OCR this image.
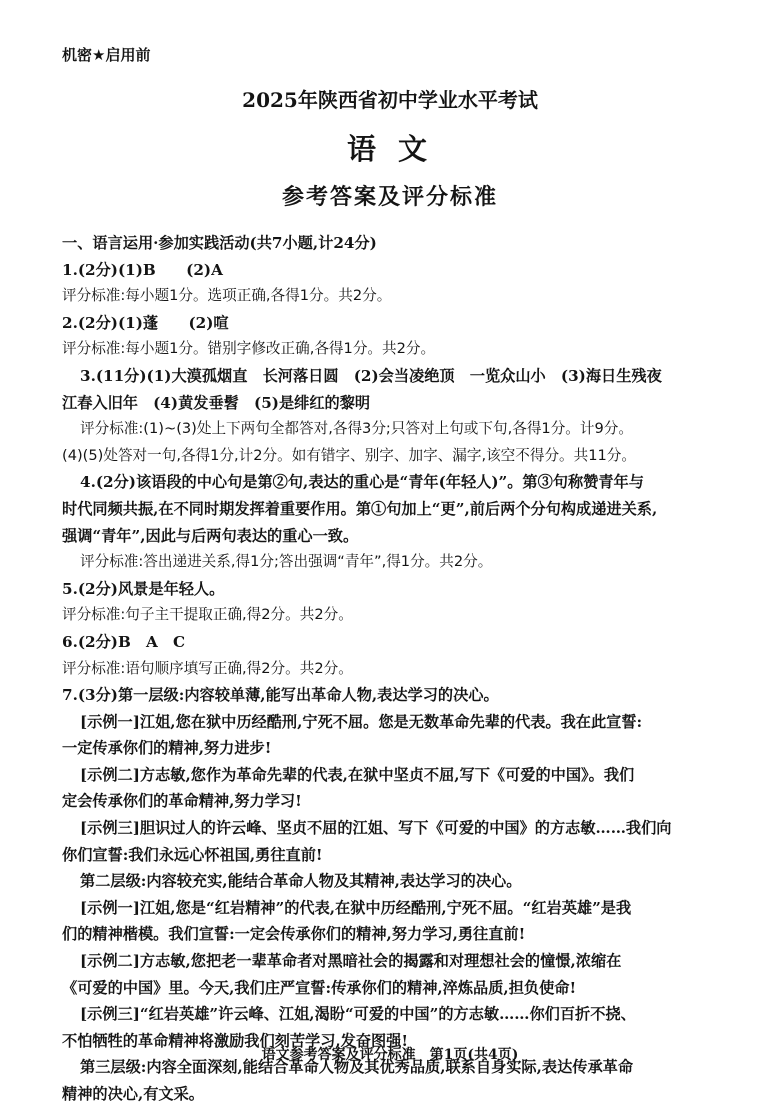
机密★启用前
2025年陕西省初中学业水平考试
语 文
参考答案及评分标准
一、语言运用·参加实践活动(共7小题,计24分)
1.(2分)(1)B　　(2)A
评分标准:每小题1分。选项正确,各得1分。共2分。
2.(2分)(1)蓬　　(2)喧
评分标准:每小题1分。错别字修改正确,各得1分。共2分。
3.(11分)(1)大漠孤烟直　长河落日圆　(2)会当凌绝顶　一览众山小　(3)海日生残夜
江春入旧年　(4)黄发垂髫　(5)是绯红的黎明
评分标准:(1)~(3)处上下两句全都答对,各得3分;只答对上句或下句,各得1分。计9分。
(4)(5)处答对一句,各得1分,计2分。如有错字、别字、加字、漏字,该空不得分。共11分。
4.(2分)该语段的中心句是第②句,表达的重心是“青年(年轻人)”。第③句称赞青年与
时代同频共振,在不同时期发挥着重要作用。第①句加上“更”,前后两个分句构成递进关系,
强调“青年”,因此与后两句表达的重心一致。
评分标准:答出递进关系,得1分;答出强调“青年”,得1分。共2分。
5.(2分)风景是年轻人。
评分标准:句子主干提取正确,得2分。共2分。
6.(2分)B　A　C
评分标准:语句顺序填写正确,得2分。共2分。
7.(3分)第一层级:内容较单薄,能写出革命人物,表达学习的决心。
[示例一]江姐,您在狱中历经酷刑,宁死不屈。您是无数革命先辈的代表。我在此宣誓:
一定传承你们的精神,努力进步!
[示例二]方志敏,您作为革命先辈的代表,在狱中坚贞不屈,写下《可爱的中国》。我们
定会传承你们的革命精神,努力学习!
[示例三]胆识过人的许云峰、坚贞不屈的江姐、写下《可爱的中国》的方志敏……我们向
你们宣誓:我们永远心怀祖国,勇往直前!
第二层级:内容较充实,能结合革命人物及其精神,表达学习的决心。
[示例一]江姐,您是“红岩精神”的代表,在狱中历经酷刑,宁死不屈。“红岩英雄”是我
们的精神楷模。我们宣誓:一定会传承你们的精神,努力学习,勇往直前!
[示例二]方志敏,您把老一辈革命者对黑暗社会的揭露和对理想社会的憧憬,浓缩在
《可爱的中国》里。今天,我们庄严宣誓:传承你们的精神,淬炼品质,担负使命!
[示例三]“红岩英雄”许云峰、江姐,渴盼“可爱的中国”的方志敏……你们百折不挠、
不怕牺牲的革命精神将激励我们刻苦学习,发奋图强!
第三层级:内容全面深刻,能结合革命人物及其优秀品质,联系自身实际,表达传承革命
精神的决心,有文采。
语文参考答案及评分标准　第1页(共4页)
